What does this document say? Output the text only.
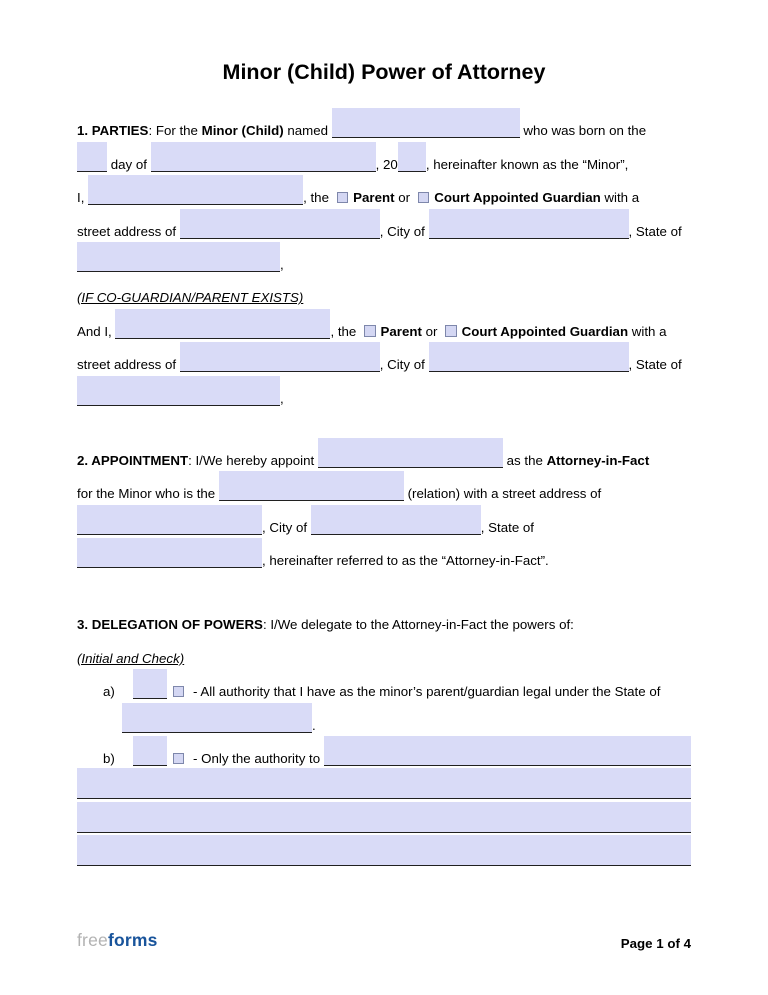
Minor (Child) Power of Attorney
1. PARTIES : For the Minor (Child) named	who was born on the
day of	, 20 , hereinafter known as the “Minor”,
I,	, the Parent or Court Appointed Guardian with a
street address of	, City of	, State of
,
(IF CO-GUARDIAN/PARENT EXISTS)
And I,	, the Parent or Court Appointed Guardian with a
street address of	, City of	, State of
,
2. APPOINTMENT : I/We hereby appoint	as the Attorney-in-Fact
for the Minor who is the	(relation) with a street address of
, City of	, State of
, hereinafter referred to as the “Attorney-in-Fact”.
3. DELEGATION OF POWERS : I/We delegate to the Attorney-in-Fact the powers of:
(Initial and Check)
a)	- All authority that I have as the minor’s parent/guardian legal under the State of
.
b)	- Only the authority to
freeforms	Page 1 of 4
